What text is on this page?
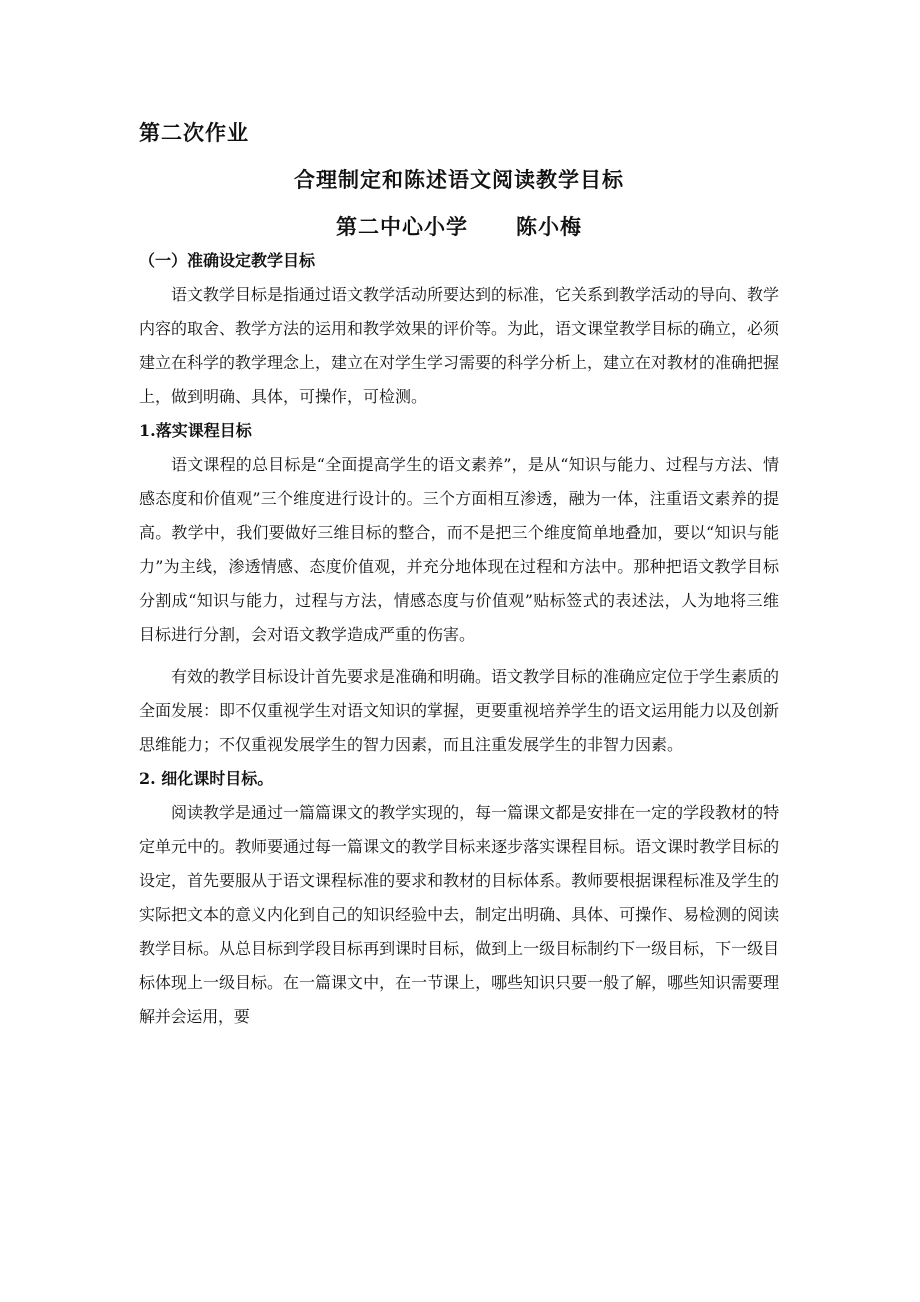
第二次作业
合理制定和陈述语文阅读教学目标
第二中心小学 陈小梅
（一）准确设定教学目标

语文教学目标是指通过语文教学活动所要达到的标准，它关系到教学活动的导向、教学内容的取舍、教学方法的运用和教学效果的评价等。为此，语文课堂教学目标的确立，必须建立在科学的教学理念上，建立在对学生学习需要的科学分析上，建立在对教材的准确把握上，做到明确、具体，可操作，可检测。

1.落实课程目标

语文课程的总目标是“全面提高学生的语文素养”，是从“知识与能力、过程与方法、情感态度和价值观”三个维度进行设计的。三个方面相互渗透，融为一体，注重语文素养的提高。教学中，我们要做好三维目标的整合，而不是把三个维度简单地叠加，要以“知识与能力”为主线，渗透情感、态度价值观，并充分地体现在过程和方法中。那种把语文教学目标分割成“知识与能力，过程与方法，情感态度与价值观”贴标签式的表述法，人为地将三维目标进行分割，会对语文教学造成严重的伤害。

有效的教学目标设计首先要求是准确和明确。语文教学目标的准确应定位于学生素质的全面发展：即不仅重视学生对语文知识的掌握，更要重视培养学生的语文运用能力以及创新思维能力；不仅重视发展学生的智力因素，而且注重发展学生的非智力因素。

2. 细化课时目标。

阅读教学是通过一篇篇课文的教学实现的，每一篇课文都是安排在一定的学段教材的特定单元中的。教师要通过每一篇课文的教学目标来逐步落实课程目标。语文课时教学目标的设定，首先要服从于语文课程标准的要求和教材的目标体系。教师要根据课程标准及学生的实际把文本的意义内化到自己的知识经验中去，制定出明确、具体、可操作、易检测的阅读教学目标。从总目标到学段目标再到课时目标，做到上一级目标制约下一级目标，下一级目标体现上一级目标。在一篇课文中，在一节课上，哪些知识只要一般了解，哪些知识需要理解并会运用，要
